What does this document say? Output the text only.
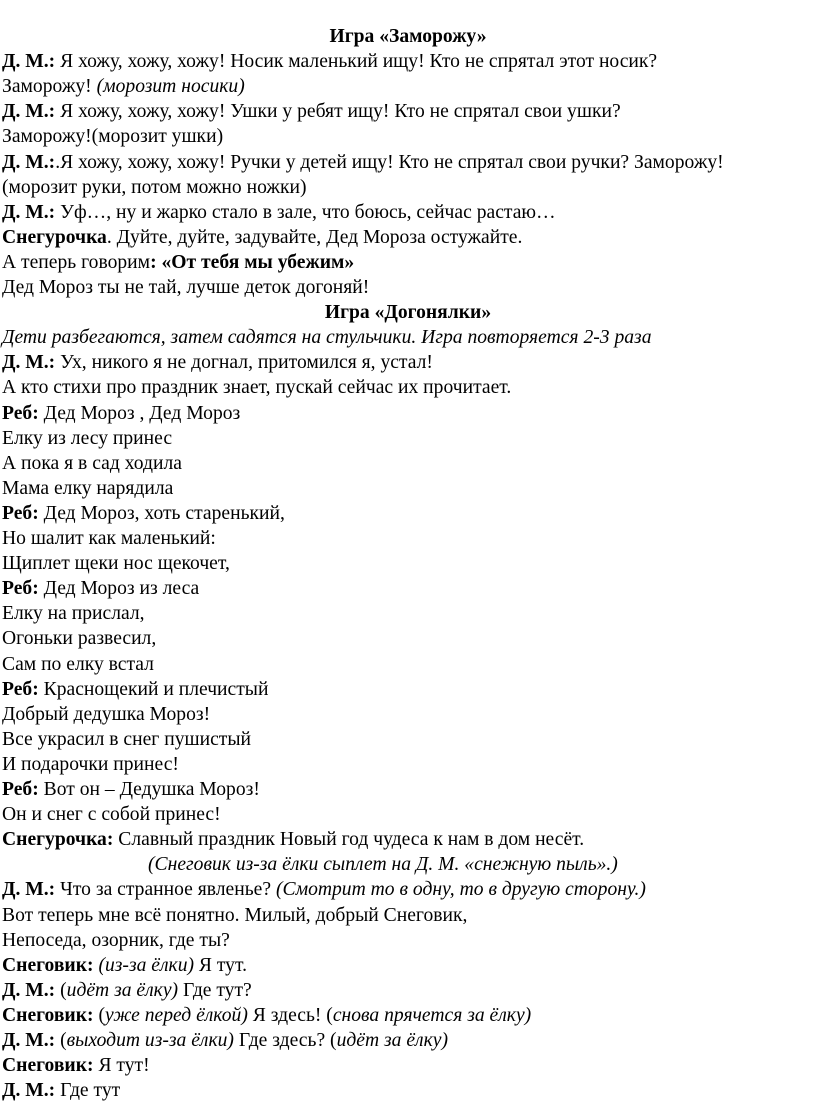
Игра «Заморожу»
Д. М.: Я хожу, хожу, хожу! Носик маленький ищу! Кто не спрятал этот носик?
Заморожу! (морозит носики)
Д. М.: Я хожу, хожу, хожу! Ушки у ребят ищу! Кто не спрятал свои ушки?
Заморожу!(морозит ушки)
Д. М.:.Я хожу, хожу, хожу! Ручки у детей ищу! Кто не спрятал свои ручки? Заморожу!
(морозит руки, потом можно ножки)
Д. М.: Уф…, ну и жарко стало в зале, что боюсь, сейчас растаю…
Снегурочка. Дуйте, дуйте, задувайте, Дед Мороза остужайте.
А теперь говорим: «От тебя мы убежим»
Дед Мороз ты не тай, лучше деток догоняй!
Игра «Догонялки»
Дети разбегаются, затем садятся на стульчики. Игра повторяется 2-3 раза
Д. М.: Ух, никого я не догнал, притомился я, устал!
А кто стихи про праздник знает, пускай сейчас их прочитает.
Реб: Дед Мороз , Дед Мороз
Елку из лесу принес
А пока я в сад ходила
Мама елку нарядила
Реб: Дед Мороз, хоть старенький,
Но шалит как маленький:
Щиплет щеки нос щекочет,
Реб: Дед Мороз из леса
Елку на прислал,
Огоньки развесил,
Сам по елку встал
Реб: Краснощекий и плечистый
Добрый дедушка Мороз!
Все украсил в снег пушистый
И подарочки принес!
Реб: Вот он – Дедушка Мороз!
Он и снег с собой принес!
Снегурочка: Славный праздник Новый год чудеса к нам в дом несёт.
(Снеговик из-за ёлки сыплет на Д. М. «снежную пыль».)
Д. М.: Что за странное явленье? (Смотрит то в одну, то в другую сторону.)
Вот теперь мне всё понятно. Милый, добрый Снеговик,
Непоседа, озорник, где ты?
Снеговик: (из-за ёлки) Я тут.
Д. М.: (идёт за ёлку) Где тут?
Снеговик: (уже перед ёлкой) Я здесь! (снова прячется за ёлку)
Д. М.: (выходит из-за ёлки) Где здесь? (идёт за ёлку)
Снеговик: Я тут!
Д. М.: Где тут
